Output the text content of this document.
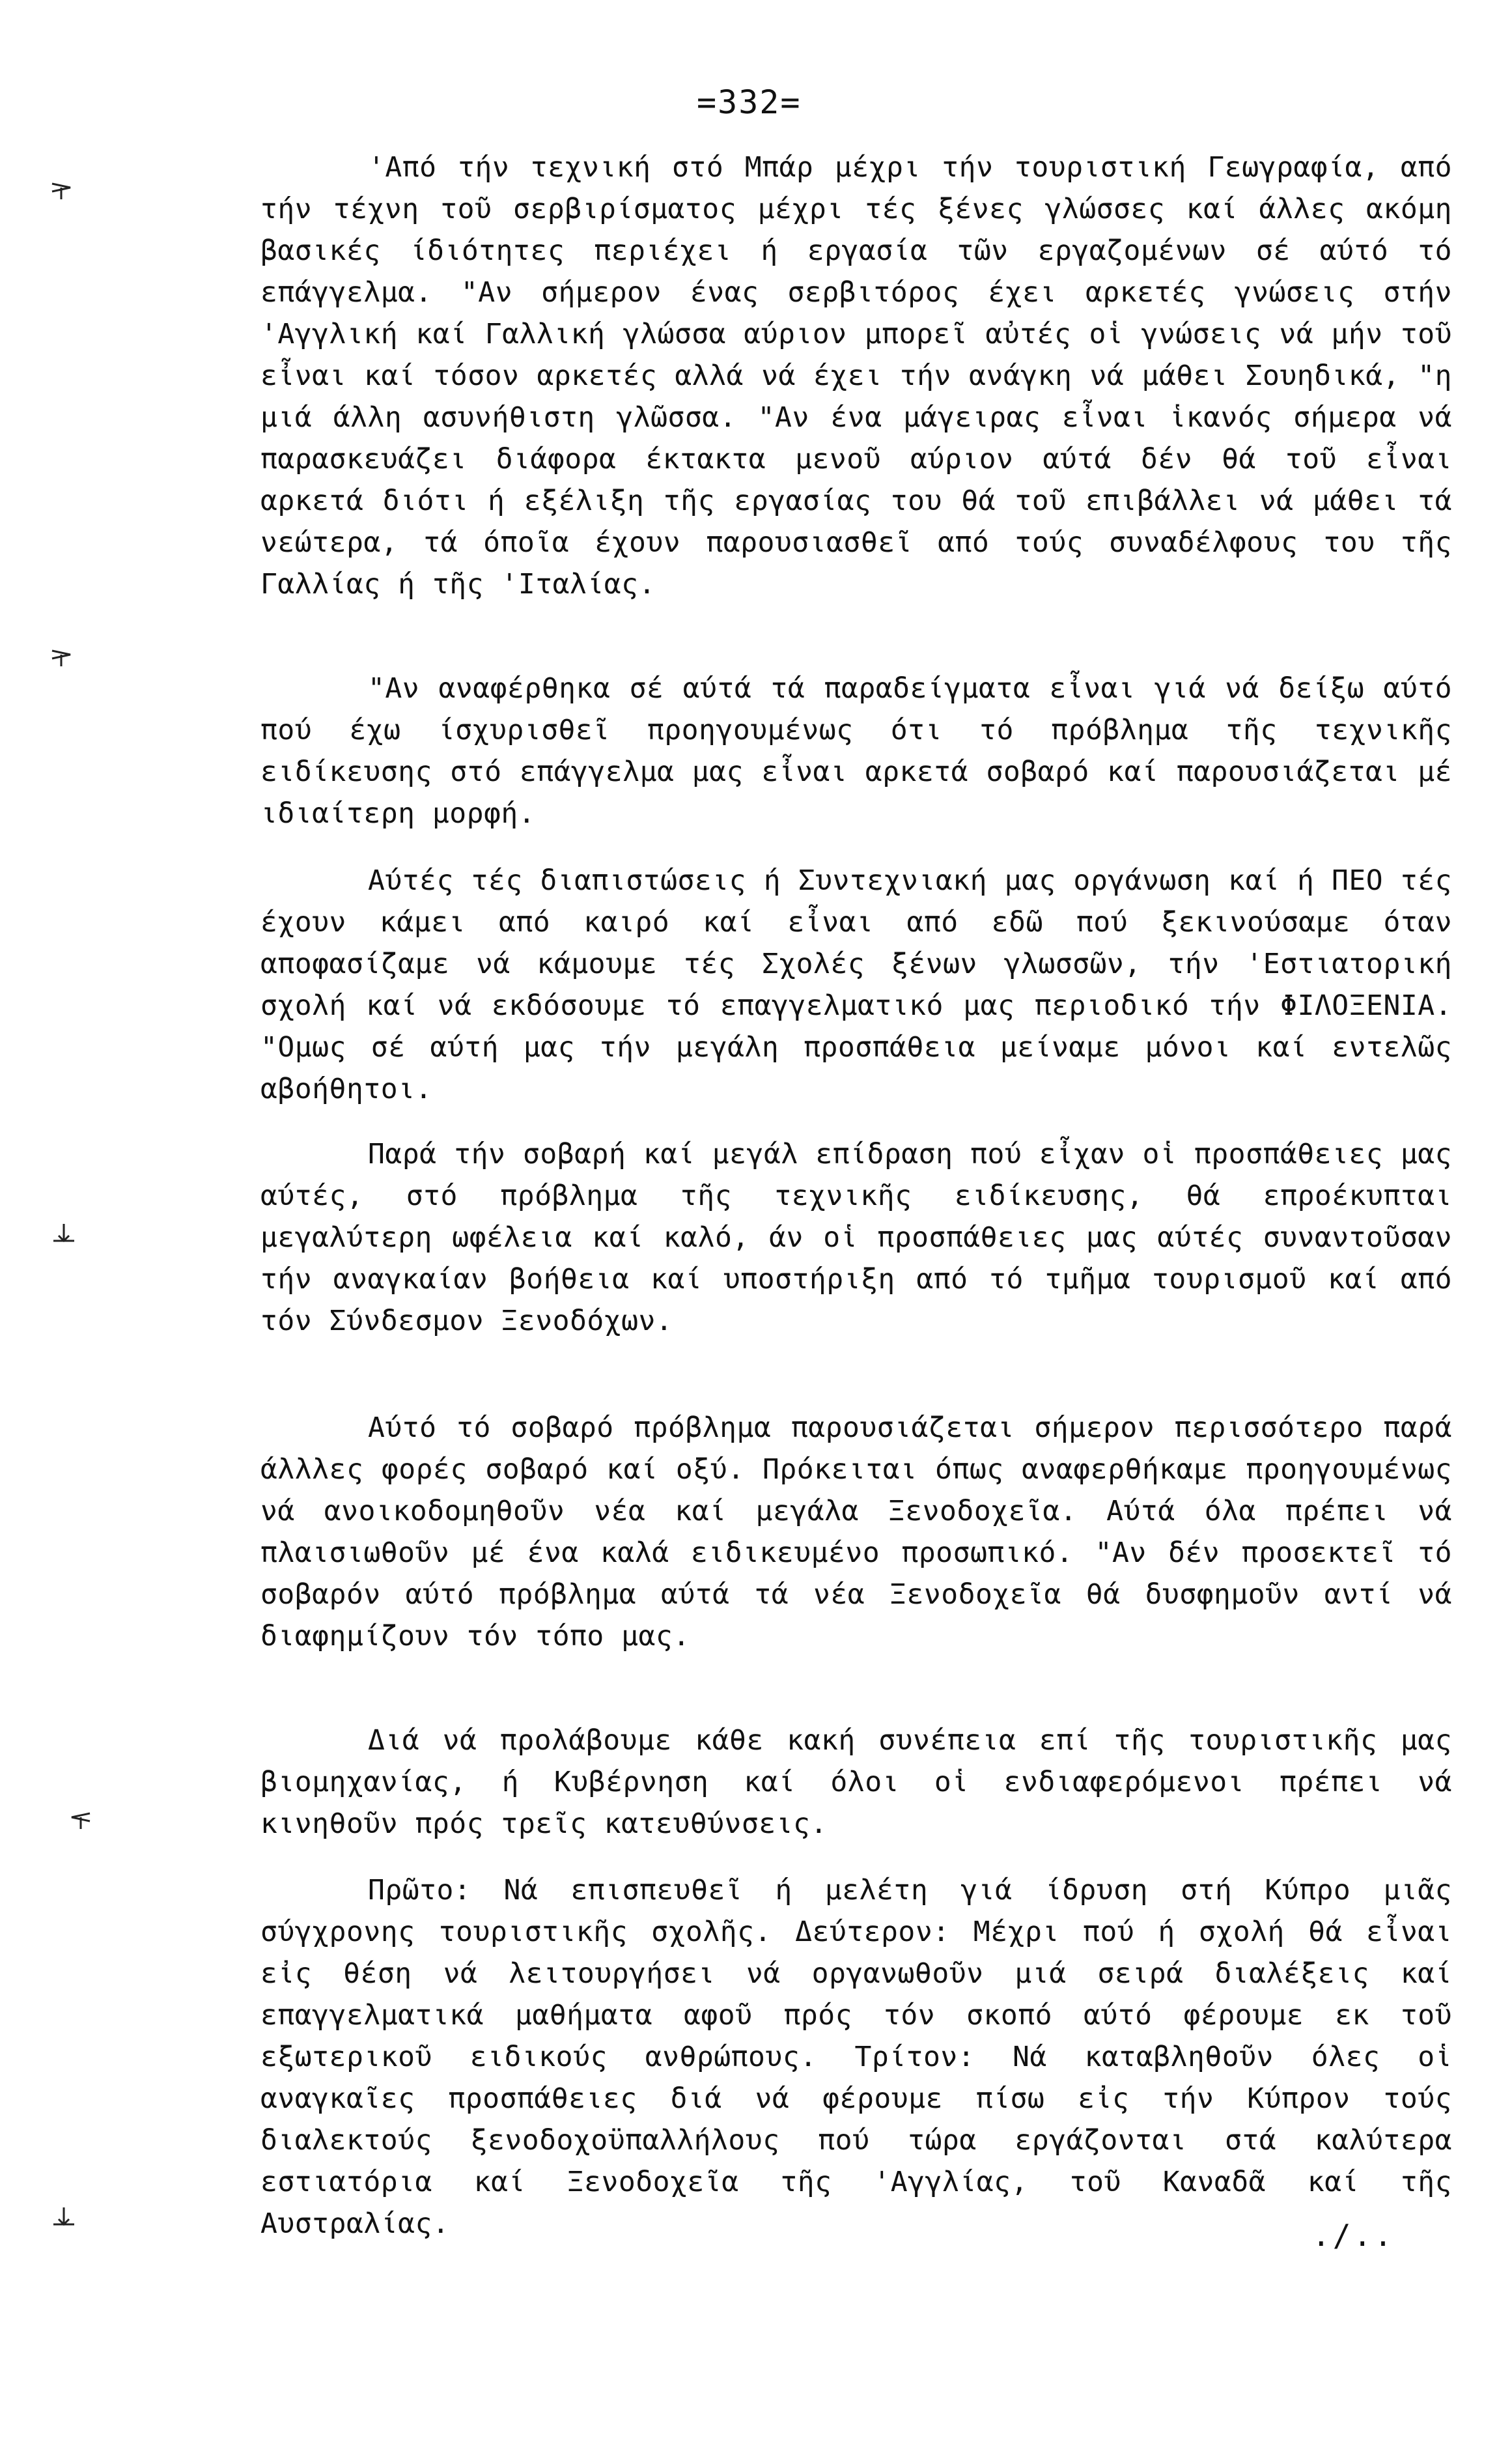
=332=

'Από τήν τεχνική στό Μπάρ μέχρι τήν τουριστική Γεωγραφία, από τήν τέχνη τοῦ σερβιρίσματος μέχρι τές ξένες γλώσσες καί άλλες ακόμη βασικές ίδιότητες περιέχει ή εργασία τῶν εργαζομένων σέ αύτό τό επάγγελμα. "Αν σήμερον ένας σερβιτόρος έχει αρκετές γνώσεις στήν 'Αγγλική καί Γαλλική γλώσσα αύριον μπορεῖ αὐτές οἱ γνώσεις νά μήν τοῦ εἶναι καί τόσον αρκετές αλλά νά έχει τήν ανάγκη νά μάθει Σουηδικά, "η μιά άλλη ασυνήθιστη γλῶσσα. "Αν ένα μάγειρας εἶναι ἱκανός σήμερα νά παρασκευάζει διάφορα έκτακτα μενοῦ αύριον αύτά δέν θά τοῦ εἶναι αρκετά διότι ή εξέλιξη τῆς εργασίας του θά τοῦ επιβάλλει νά μάθει τά νεώτερα, τά όποῖα έχουν παρουσιασθεῖ από τούς συναδέλφους του τῆς Γαλλίας ή τῆς 'Ιταλίας.

"Αν αναφέρθηκα σέ αύτά τά παραδείγματα εἶναι γιά νά δείξω αύτό πού έχω ίσχυρισθεῖ προηγουμένως ότι τό πρόβλημα τῆς τεχνικῆς ειδίκευσης στό επάγγελμα μας εἶναι αρκετά σοβαρό καί παρουσιάζεται μέ ιδιαίτερη μορφή.

Αύτές τές διαπιστώσεις ή Συντεχνιακή μας οργάνωση καί ή ΠΕΟ τές έχουν κάμει από καιρό καί εἶναι από εδῶ πού ξεκινούσαμε όταν αποφασίζαμε νά κάμουμε τές Σχολές ξένων γλωσσῶν, τήν 'Εστιατορική σχολή καί νά εκδόσουμε τό επαγγελματικό μας περιοδικό τήν ΦΙΛΟΞΕΝΙΑ. "Ομως σέ αύτή μας τήν μεγάλη προσπάθεια μείναμε μόνοι καί εντελῶς αβοήθητοι.

Παρά τήν σοβαρή καί μεγάλ επίδραση πού εἶχαν οἱ προσπάθειες μας αύτές, στό πρόβλημα τῆς τεχνικῆς ειδίκευσης, θά επροέκυπται μεγαλύτερη ωφέλεια καί καλό, άν οἱ προσπάθειες μας αύτές συναντοῦσαν τήν αναγκαίαν βοήθεια καί υποστήριξη από τό τμῆμα τουρισμοῦ καί από τόν Σύνδεσμον Ξενοδόχων.

Αύτό τό σοβαρό πρόβλημα παρουσιάζεται σήμερον περισσότερο παρά άλλλες φορές σοβαρό καί οξύ. Πρόκειται όπως αναφερθήκαμε προηγουμένως νά ανοικοδομηθοῦν νέα καί μεγάλα Ξενοδοχεῖα. Αύτά όλα πρέπει νά πλαισιωθοῦν μέ ένα καλά ειδικευμένο προσωπικό. "Αν δέν προσεκτεῖ τό σοβαρόν αύτό πρόβλημα αύτά τά νέα Ξενοδοχεῖα θά δυσφημοῦν αντί νά διαφημίζουν τόν τόπο μας.

Διά νά προλάβουμε κάθε κακή συνέπεια επί τῆς τουριστικῆς μας βιομηχανίας, ή Κυβέρνηση καί όλοι οἱ ενδιαφερόμενοι πρέπει νά κινηθοῦν πρός τρεῖς κατευθύνσεις.

Πρῶτο: Νά επισπευθεῖ ή μελέτη γιά ίδρυση στή Κύπρο μιᾶς σύγχρονης τουριστικῆς σχολῆς. Δεύτερον: Μέχρι πού ή σχολή θά εἶναι εἰς θέση νά λειτουργήσει νά οργανωθοῦν μιά σειρά διαλέξεις καί επαγγελματικά μαθήματα αφοῦ πρός τόν σκοπό αύτό φέρουμε εκ τοῦ εξωτερικοῦ ειδικούς ανθρώπους. Τρίτον: Νά καταβληθοῦν όλες οἱ αναγκαῖες προσπάθειες διά νά φέρουμε πίσω εἰς τήν Κύπρον τούς διαλεκτούς ξενοδοχοϋπαλλήλους πού τώρα εργάζονται στά καλύτερα εστιατόρια καί Ξενοδοχεῖα τῆς 'Αγγλίας, τοῦ Καναδᾶ καί τῆς Αυστραλίας.	./..
